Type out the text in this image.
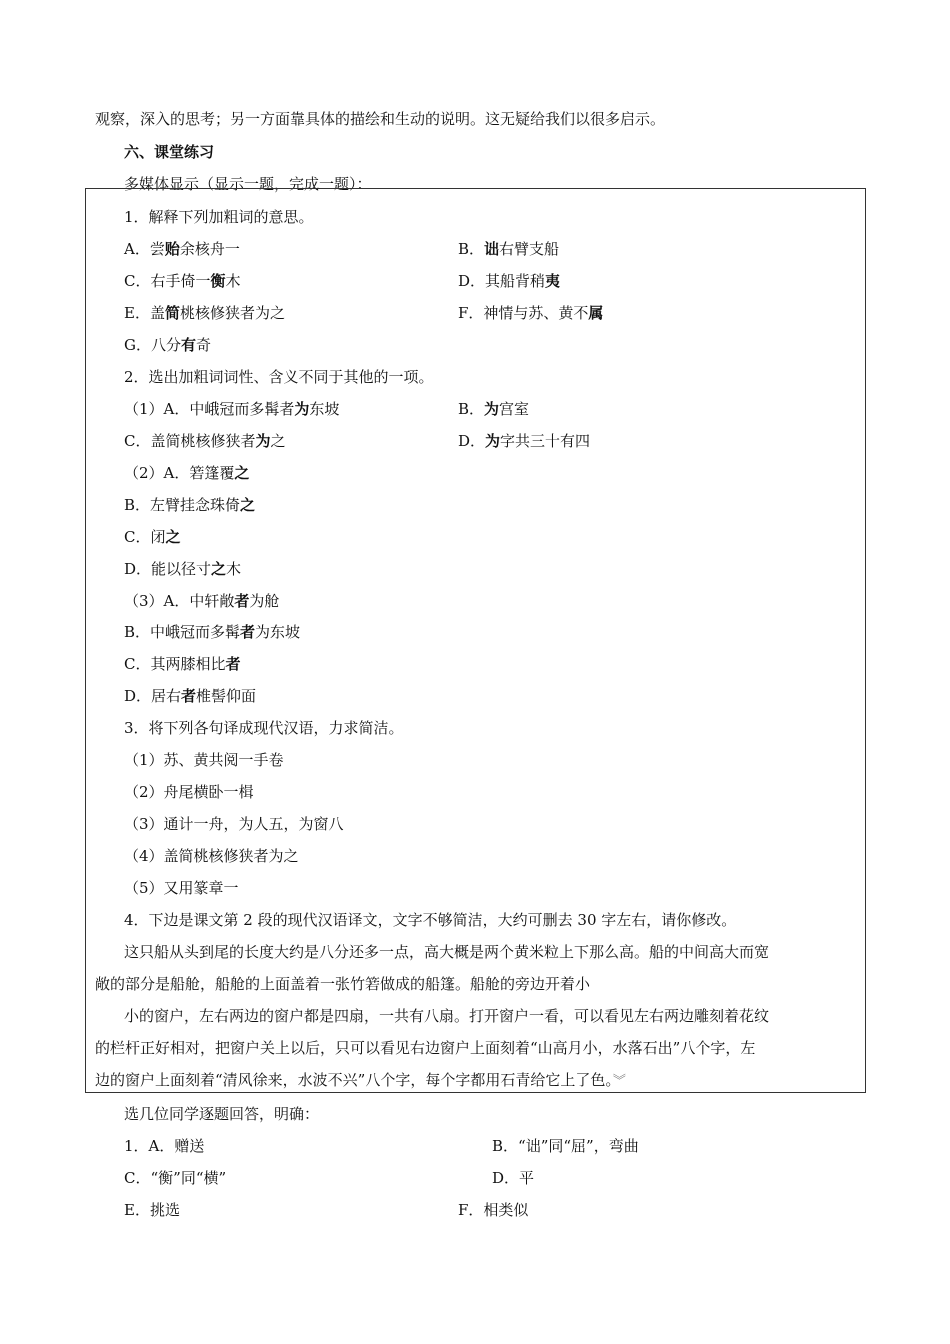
观察，深入的思考；另一方面靠具体的描绘和生动的说明。这无疑给我们以很多启示。
六、课堂练习
多媒体显示（显示一题，完成一题）：
1．解释下列加粗词的意思。
A．尝贻余核舟一	B．诎右臂支船
C．右手倚一衡木	D．其船背稍夷
E．盖简桃核修狭者为之	F．神情与苏、黄不属
G．八分有奇
2．选出加粗词词性、含义不同于其他的一项。
（1）A．中峨冠而多髯者为东坡	B．为宫室
C．盖简桃核修狭者为之	D．为字共三十有四
（2）A．箬篷覆之
B．左臂挂念珠倚之
C．闭之
D．能以径寸之木
（3）A．中轩敞者为舱
B．中峨冠而多髯者为东坡
C．其两膝相比者
D．居右者椎髻仰面
3．将下列各句译成现代汉语，力求简洁。
（1）苏、黄共阅一手卷
（2）舟尾横卧一楫
（3）通计一舟，为人五，为窗八
（4）盖简桃核修狭者为之
（5）又用篆章一
4．下边是课文第 2 段的现代汉语译文，文字不够简洁，大约可删去 30 字左右，请你修改。
这只船从头到尾的长度大约是八分还多一点，高大概是两个黄米粒上下那么高。船的中间高大而宽
敞的部分是船舱，船舱的上面盖着一张竹箬做成的船篷。船舱的旁边开着小
小的窗户，左右两边的窗户都是四扇，一共有八扇。打开窗户一看，可以看见左右两边雕刻着花纹
的栏杆正好相对，把窗户关上以后，只可以看见右边窗户上面刻着“山高月小，水落石出”八个字，左
边的窗户上面刻着“清风徐来，水波不兴”八个字，每个字都用石青给它上了色。︾
选几位同学逐题回答，明确：
1．A．赠送	B．“诎”同“屈”，弯曲
C．“衡”同“横”	D．平
E．挑选	F．相类似
